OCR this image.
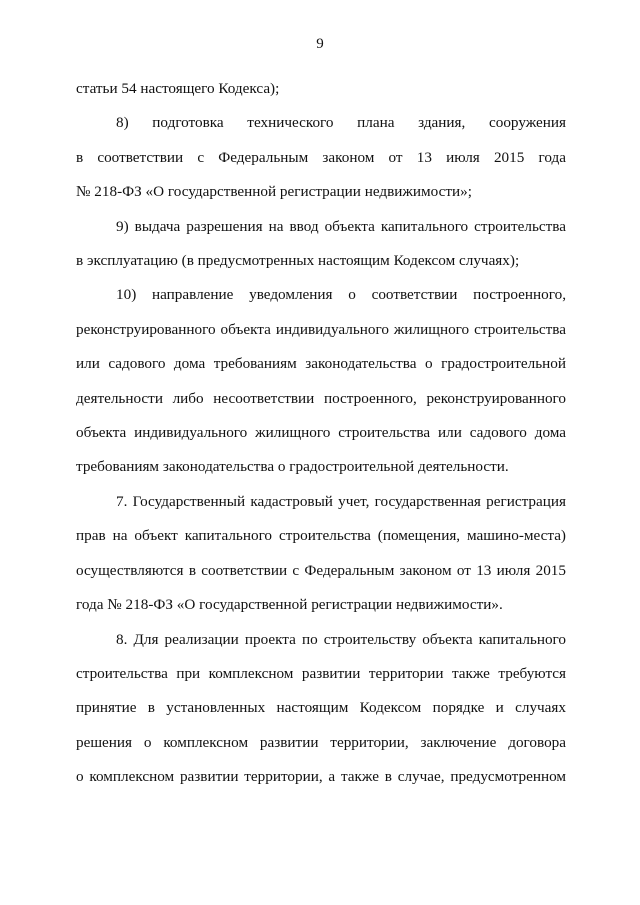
9
статьи 54 настоящего Кодекса);
8) подготовка технического плана здания, сооружения
в соответствии с Федеральным законом от 13 июля 2015 года
№ 218-ФЗ «О государственной регистрации недвижимости»;
9) выдача разрешения на ввод объекта капитального строительства
в эксплуатацию (в предусмотренных настоящим Кодексом случаях);
10) направление уведомления о соответствии построенного,
реконструированного объекта индивидуального жилищного строительства
или садового дома требованиям законодательства о градостроительной
деятельности либо несоответствии построенного, реконструированного
объекта индивидуального жилищного строительства или садового дома
требованиям законодательства о градостроительной деятельности.
7. Государственный кадастровый учет, государственная регистрация
прав на объект капитального строительства (помещения, машино-места)
осуществляются в соответствии с Федеральным законом от 13 июля 2015
года № 218-ФЗ «О государственной регистрации недвижимости».
8. Для реализации проекта по строительству объекта капитального
строительства при комплексном развитии территории также требуются
принятие в установленных настоящим Кодексом порядке и случаях
решения о комплексном развитии территории, заключение договора
о комплексном развитии территории, а также в случае, предусмотренном
